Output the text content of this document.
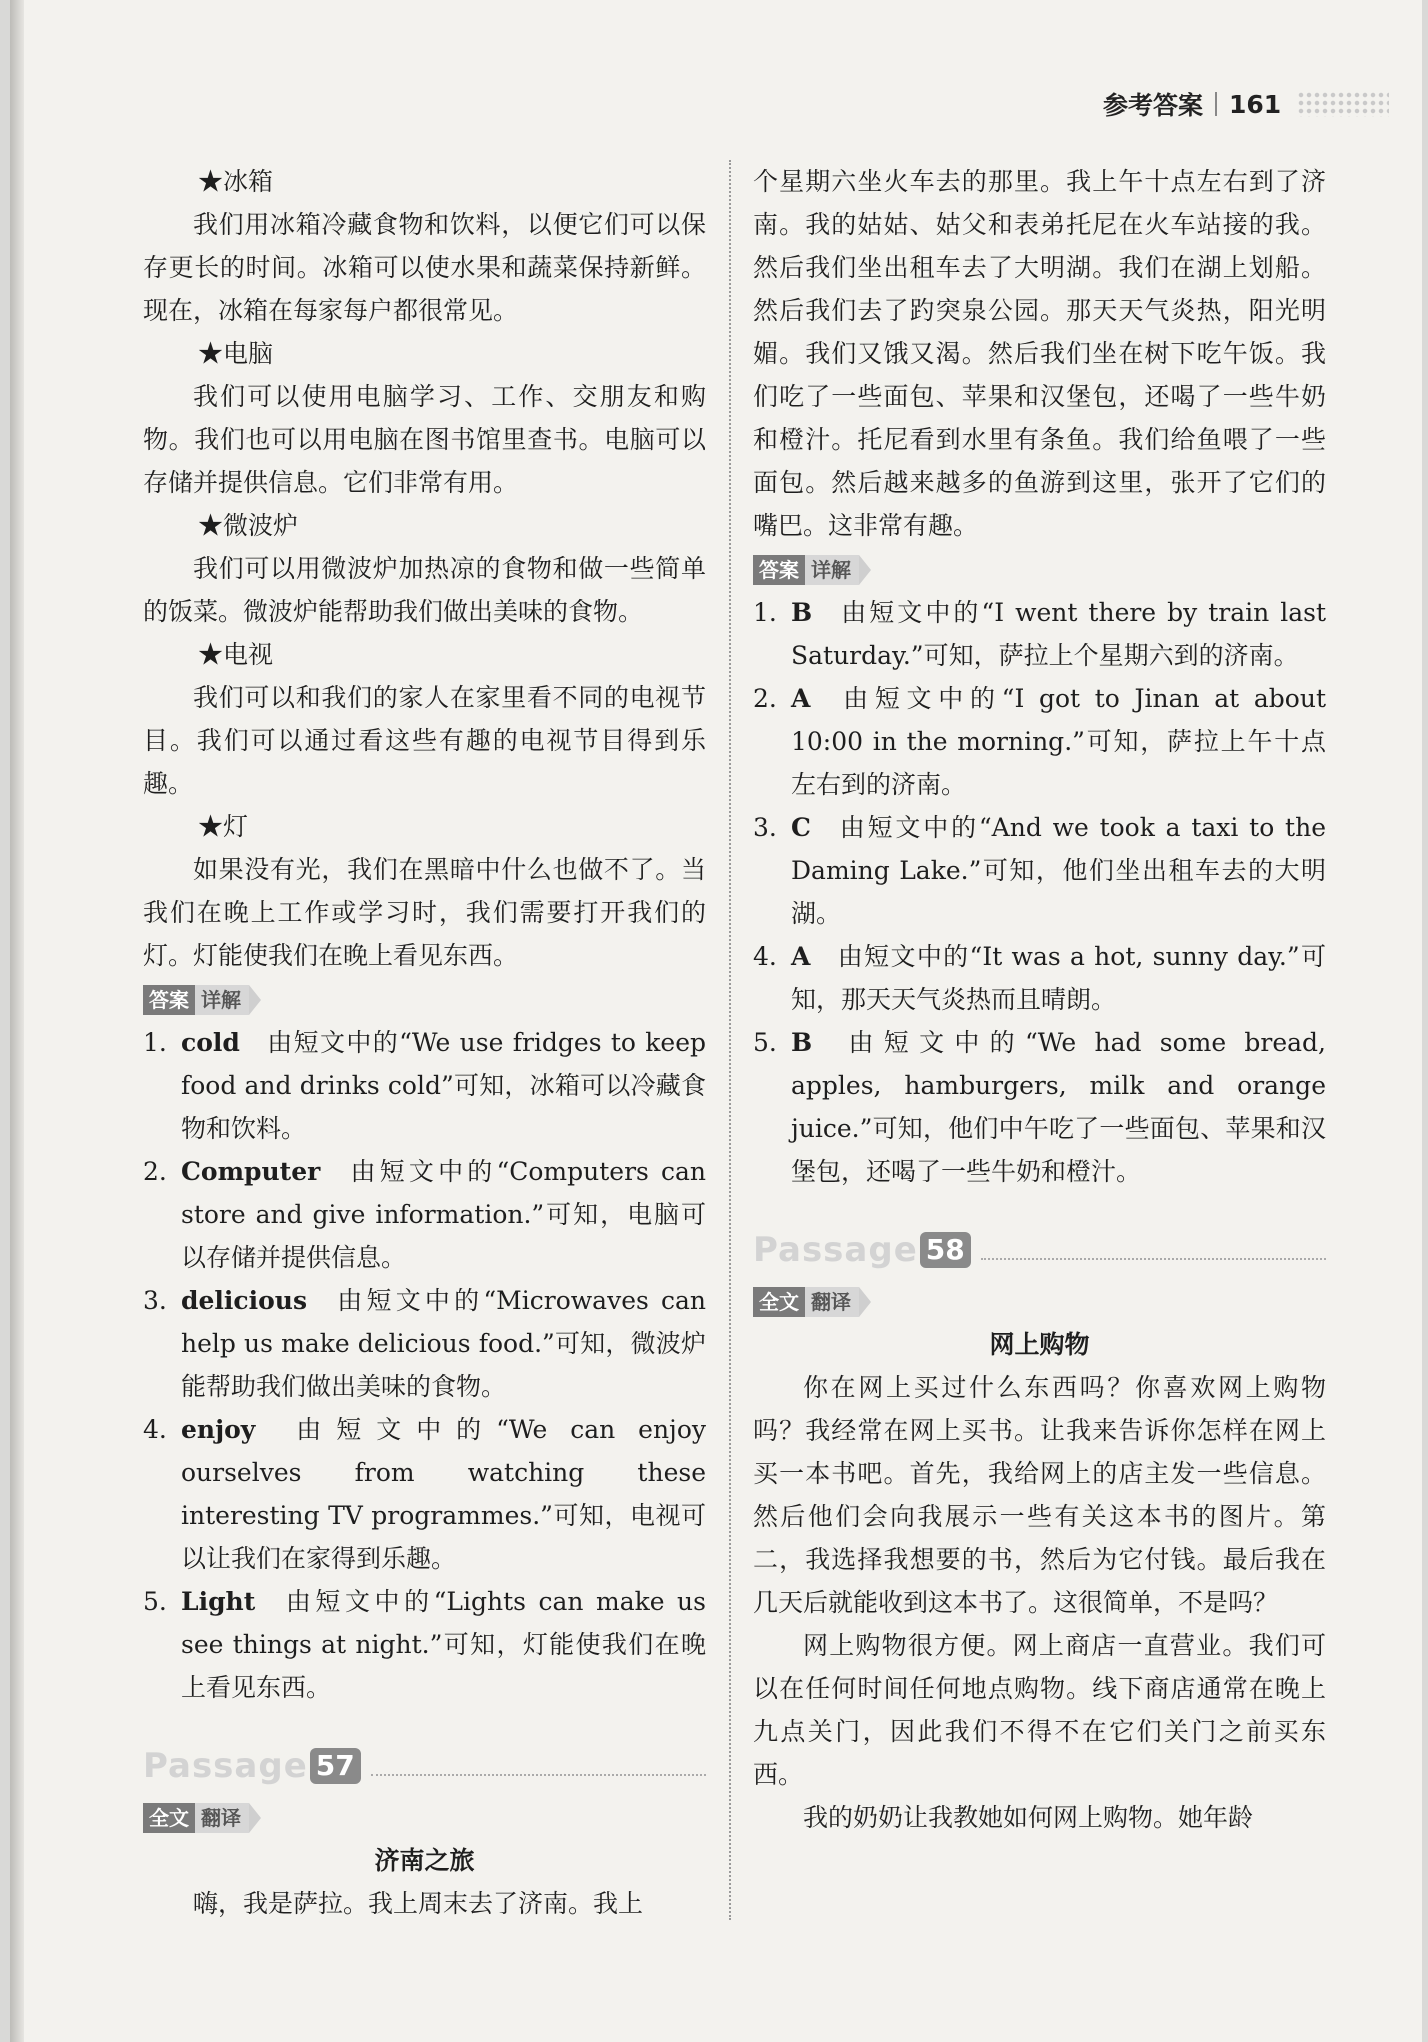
参考答案 161

★冰箱

我们用冰箱冷藏食物和饮料，以便它们可以保存更长的时间。冰箱可以使水果和蔬菜保持新鲜。现在，冰箱在每家每户都很常见。

★电脑

我们可以使用电脑学习、工作、交朋友和购物。我们也可以用电脑在图书馆里查书。电脑可以存储并提供信息。它们非常有用。

★微波炉

我们可以用微波炉加热凉的食物和做一些简单的饭菜。微波炉能帮助我们做出美味的食物。

★电视

我们可以和我们的家人在家里看不同的电视节目。我们可以通过看这些有趣的电视节目得到乐趣。

★灯

如果没有光，我们在黑暗中什么也做不了。当我们在晚上工作或学习时，我们需要打开我们的灯。灯能使我们在晚上看见东西。

答案 详解
1. cold 由短文中的“We use fridges to keep food and drinks cold”可知，冰箱可以冷藏食物和饮料。

2. Computer 由短文中的“Computers can store and give information.”可知，电脑可以存储并提供信息。

3. delicious 由短文中的“Microwaves can help us make delicious food.”可知，微波炉能帮助我们做出美味的食物。

4. enjoy 由短文中的“We can enjoy ourselves from watching these interesting TV programmes.”可知，电视可以让我们在家得到乐趣。

5. Light 由短文中的“Lights can make us see things at night.”可知，灯能使我们在晚上看见东西。

Passage 57
全文 翻译

济南之旅

嗨，我是萨拉。我上周末去了济南。我上

个星期六坐火车去的那里。我上午十点左右到了济南。我的姑姑、姑父和表弟托尼在火车站接的我。然后我们坐出租车去了大明湖。我们在湖上划船。然后我们去了趵突泉公园。那天天气炎热，阳光明媚。我们又饿又渴。然后我们坐在树下吃午饭。我们吃了一些面包、苹果和汉堡包，还喝了一些牛奶和橙汁。托尼看到水里有条鱼。我们给鱼喂了一些面包。然后越来越多的鱼游到这里，张开了它们的嘴巴。这非常有趣。

答案 详解
1. B 由短文中的“I went there by train last Saturday.”可知，萨拉上个星期六到的济南。

2. A 由短文中的“I got to Jinan at about 10:00 in the morning.”可知，萨拉上午十点左右到的济南。

3. C 由短文中的“And we took a taxi to the Daming Lake.”可知，他们坐出租车去的大明湖。

4. A 由短文中的“It was a hot, sunny day.”可知，那天天气炎热而且晴朗。

5. B 由短文中的“We had some bread, apples, hamburgers, milk and orange juice.”可知，他们中午吃了一些面包、苹果和汉堡包，还喝了一些牛奶和橙汁。

Passage 58
全文 翻译

网上购物

你在网上买过什么东西吗？你喜欢网上购物吗？我经常在网上买书。让我来告诉你怎样在网上买一本书吧。首先，我给网上的店主发一些信息。然后他们会向我展示一些有关这本书的图片。第二，我选择我想要的书，然后为它付钱。最后我在几天后就能收到这本书了。这很简单，不是吗？

网上购物很方便。网上商店一直营业。我们可以在任何时间任何地点购物。线下商店通常在晚上九点关门，因此我们不得不在它们关门之前买东西。

我的奶奶让我教她如何网上购物。她年龄
